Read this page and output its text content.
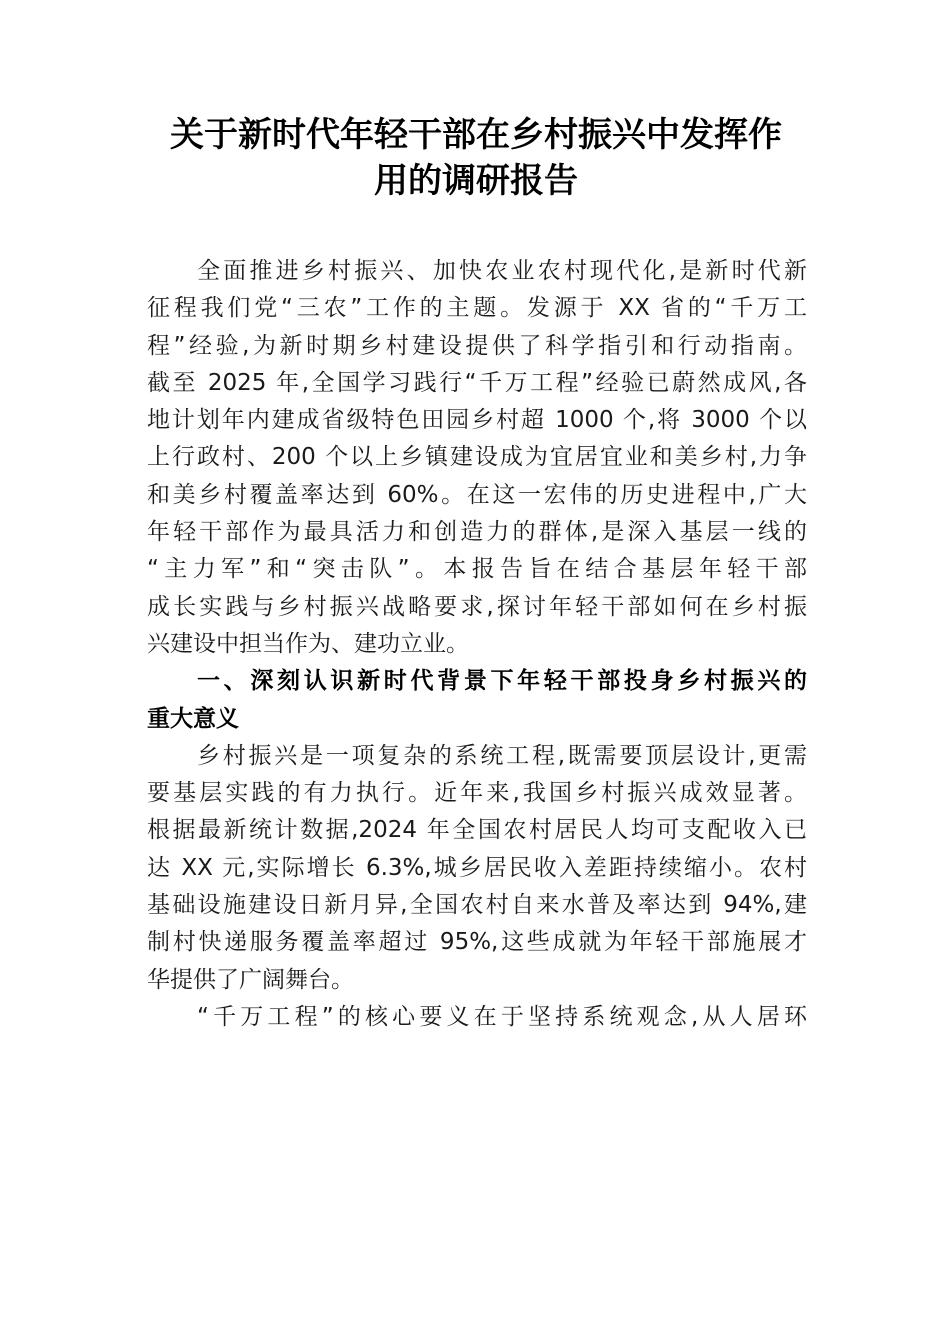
关于新时代年轻干部在乡村振兴中发挥作
用的调研报告
全面推进乡村振兴、加快农业农村现代化,是新时代新
征程我们党“三农”工作的主题。发源于 XX 省的“千万工
程”经验,为新时期乡村建设提供了科学指引和行动指南。
截至 2025 年,全国学习践行“千万工程”经验已蔚然成风,各
地计划年内建成省级特色田园乡村超 1000 个,将 3000 个以
上行政村、200 个以上乡镇建设成为宜居宜业和美乡村,力争
和美乡村覆盖率达到 60%。在这一宏伟的历史进程中,广大
年轻干部作为最具活力和创造力的群体,是深入基层一线的
“主力军”和“突击队”。本报告旨在结合基层年轻干部
成长实践与乡村振兴战略要求,探讨年轻干部如何在乡村振
兴建设中担当作为、建功立业。
一、深刻认识新时代背景下年轻干部投身乡村振兴的
重大意义
乡村振兴是一项复杂的系统工程,既需要顶层设计,更需
要基层实践的有力执行。近年来,我国乡村振兴成效显著。
根据最新统计数据,2024 年全国农村居民人均可支配收入已
达 XX 元,实际增长 6.3%,城乡居民收入差距持续缩小。农村
基础设施建设日新月异,全国农村自来水普及率达到 94%,建
制村快递服务覆盖率超过 95%,这些成就为年轻干部施展才
华提供了广阔舞台。
“千万工程”的核心要义在于坚持系统观念,从人居环
